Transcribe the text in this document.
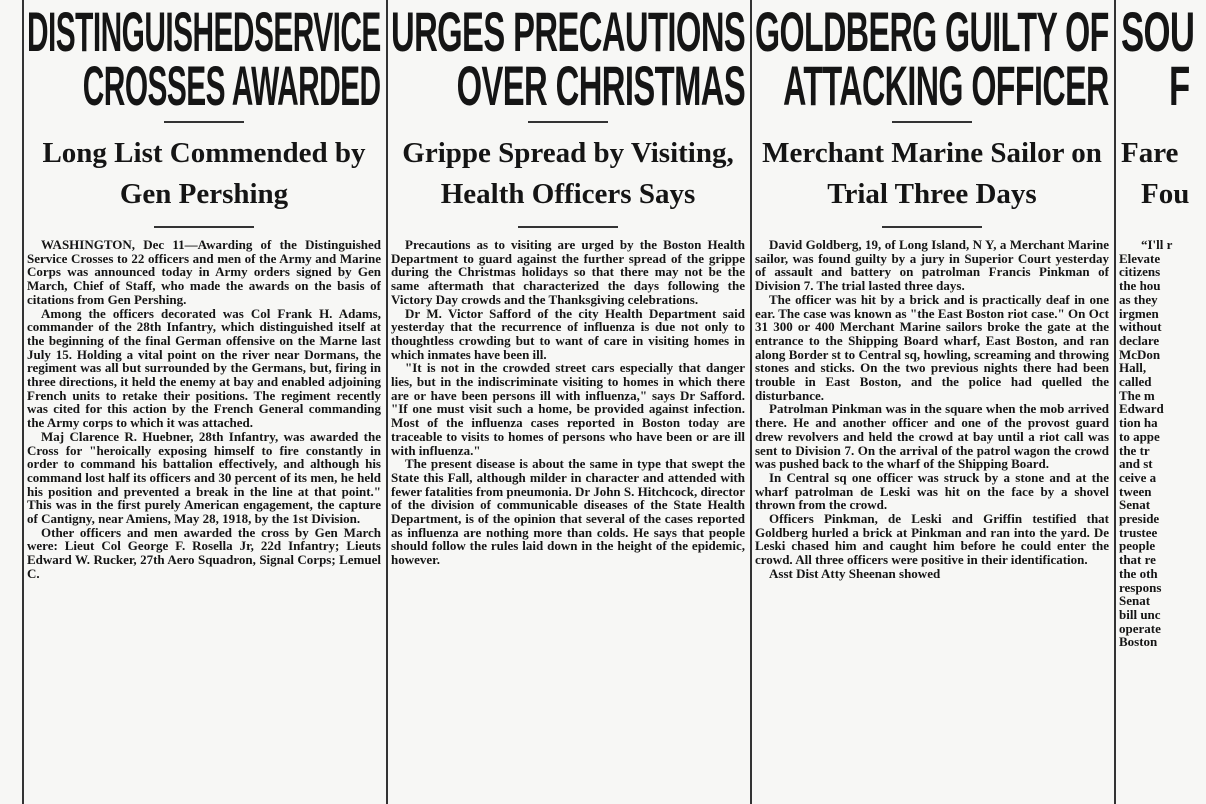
DISTINGUISHEDSERVICE
CROSSES AWARDED
Long List Commended by
Gen Pershing

WASHINGTON, Dec 11—Awarding of the Distinguished Service Crosses to 22 officers and men of the Army and Marine Corps was announced today in Army orders signed by Gen March, Chief of Staff, who made the awards on the basis of citations from Gen Pershing.

Among the officers decorated was Col Frank H. Adams, commander of the 28th Infantry, which distinguished itself at the beginning of the final German offensive on the Marne last July 15. Holding a vital point on the river near Dormans, the regiment was all but surrounded by the Germans, but, firing in three directions, it held the enemy at bay and enabled adjoining French units to retake their positions. The regiment recently was cited for this action by the French General commanding the Army corps to which it was attached.

Maj Clarence R. Huebner, 28th Infantry, was awarded the Cross for "heroically exposing himself to fire constantly in order to command his battalion effectively, and although his command lost half its officers and 30 percent of its men, he held his position and prevented a break in the line at that point." This was in the first purely American engagement, the capture of Cantigny, near Amiens, May 28, 1918, by the 1st Division.

Other officers and men awarded the cross by Gen March were: Lieut Col George F. Rosella Jr, 22d Infantry; Lieuts Edward W. Rucker, 27th Aero Squadron, Signal Corps; Lemuel C.

URGES PRECAUTIONS
OVER CHRISTMAS
Grippe Spread by Visiting,
Health Officers Says

Precautions as to visiting are urged by the Boston Health Department to guard against the further spread of the grippe during the Christmas holidays so that there may not be the same aftermath that characterized the days following the Victory Day crowds and the Thanksgiving celebrations.

Dr M. Victor Safford of the city Health Department said yesterday that the recurrence of influenza is due not only to thoughtless crowding but to want of care in visiting homes in which inmates have been ill.

"It is not in the crowded street cars especially that danger lies, but in the indiscriminate visiting to homes in which there are or have been persons ill with influenza," says Dr Safford. "If one must visit such a home, be provided against infection. Most of the influenza cases reported in Boston today are traceable to visits to homes of persons who have been or are ill with influenza."

The present disease is about the same in type that swept the State this Fall, although milder in character and attended with fewer fatalities from pneumonia. Dr John S. Hitchcock, director of the division of communicable diseases of the State Health Department, is of the opinion that several of the cases reported as influenza are nothing more than colds. He says that people should follow the rules laid down in the height of the epidemic, however.

GOLDBERG GUILTY OF
ATTACKING OFFICER
Merchant Marine Sailor on
Trial Three Days

David Goldberg, 19, of Long Island, N Y, a Merchant Marine sailor, was found guilty by a jury in Superior Court yesterday of assault and battery on patrolman Francis Pinkman of Division 7. The trial lasted three days.

The officer was hit by a brick and is practically deaf in one ear. The case was known as "the East Boston riot case." On Oct 31 300 or 400 Merchant Marine sailors broke the gate at the entrance to the Shipping Board wharf, East Boston, and ran along Border st to Central sq, howling, screaming and throwing stones and sticks. On the two previous nights there had been trouble in East Boston, and the police had quelled the disturbance.

Patrolman Pinkman was in the square when the mob arrived there. He and another officer and one of the provost guard drew revolvers and held the crowd at bay until a riot call was sent to Division 7. On the arrival of the patrol wagon the crowd was pushed back to the wharf of the Shipping Board.

In Central sq one officer was struck by a stone and at the wharf patrolman de Leski was hit on the face by a shovel thrown from the crowd.

Officers Pinkman, de Leski and Griffin testified that Goldberg hurled a brick at Pinkman and ran into the yard. De Leski chased him and caught him before he could enter the crowd. All three officers were positive in their identification.

Asst Dist Atty Sheenan showed

SOU
F
Fare
Fou
“I'll r
Elevate
citizens
the hou
as they
irgmen
without
declare
McDon
Hall,
called
The m
Edward
tion ha
to appe
the tr
and st
ceive a
tween
Senat
preside
trustee
people
that re
the oth
respons
Senat
bill unc
operate
Boston
